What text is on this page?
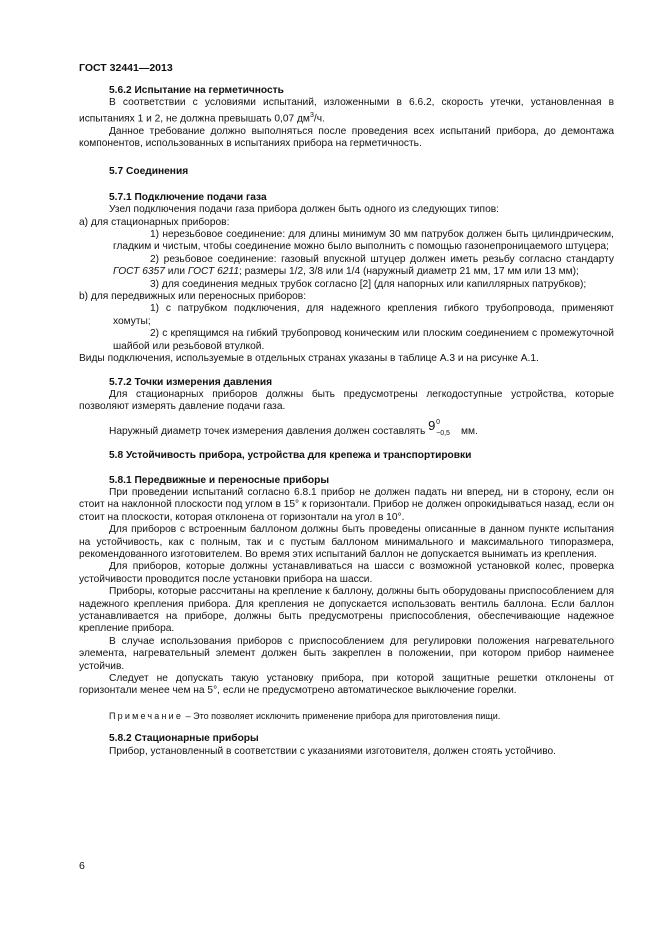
ГОСТ 32441—2013

5.6.2 Испытание на герметичность

В соответствии с условиями испытаний, изложенными в 6.6.2, скорость утечки, установленная в испытаниях 1 и 2, не должна превышать 0,07 $дм^3/ч$.

Данное требование должно выполняться после проведения всех испытаний прибора, до демонтажа компонентов, использованных в испытаниях прибора на герметичность.

5.7 Соединения

5.7.1 Подключение подачи газа

Узел подключения подачи газа прибора должен быть одного из следующих типов:

а) для стационарных приборов:

1) нерезьбовое соединение: для длины минимум 30 мм патрубок должен быть цилиндрическим, гладким и чистым, чтобы соединение можно было выполнить с помощью газонепроницаемого штуцера;

2) резьбовое соединение: газовый впускной штуцер должен иметь резьбу согласно стандарту ГОСТ 6357 или ГОСТ 6211; размеры 1/2, 3/8 или 1/4 (наружный диаметр 21 мм, 17 мм или 13 мм);

3) для соединения медных трубок согласно [2] (для напорных или капиллярных патрубков);

b) для передвижных или переносных приборов:

1) с патрубком подключения, для надежного крепления гибкого трубопровода, применяют хомуты;

2) с крепящимся на гибкий трубопровод коническим или плоским соединением с промежуточной шайбой или резьбовой втулкой.

Виды подключения, используемые в отдельных странах указаны в таблице А.3 и на рисунке А.1.

5.7.2 Точки измерения давления

Для стационарных приборов должны быть предусмотрены легкодоступные устройства, которые позволяют измерять давление подачи газа.

Наружный диаметр точек измерения давления должен составлять 9 0
−0,5 мм.

5.8 Устойчивость прибора, устройства для крепежа и транспортировки

5.8.1 Передвижные и переносные приборы

При проведении испытаний согласно 6.8.1 прибор не должен падать ни вперед, ни в сторону, если он стоит на наклонной плоскости под углом в 15° к горизонтали. Прибор не должен опрокидываться назад, если он стоит на плоскости, которая отклонена от горизонтали на угол в 10°.

Для приборов с встроенным баллоном должны быть проведены описанные в данном пункте испытания на устойчивость, как с полным, так и с пустым баллоном минимального и максимального типоразмера, рекомендованного изготовителем. Во время этих испытаний баллон не допускается вынимать из крепления.

Для приборов, которые должны устанавливаться на шасси с возможной установкой колес, проверка устойчивости проводится после установки прибора на шасси.

Приборы, которые рассчитаны на крепление к баллону, должны быть оборудованы приспособлением для надежного крепления прибора. Для крепления не допускается использовать вентиль баллона. Если баллон устанавливается на приборе, должны быть предусмотрены приспособления, обеспечивающие надежное крепление прибора.

В случае использования приборов с приспособлением для регулировки положения нагревательного элемента, нагревательный элемент должен быть закреплен в положении, при котором прибор наименее устойчив.

Следует не допускать такую установку прибора, при которой защитные решетки отклонены от горизонтали менее чем на 5°, если не предусмотрено автоматическое выключение горелки.

Примечание – Это позволяет исключить применение прибора для приготовления пищи.

5.8.2 Стационарные приборы

Прибор, установленный в соответствии с указаниями изготовителя, должен стоять устойчиво.

6
